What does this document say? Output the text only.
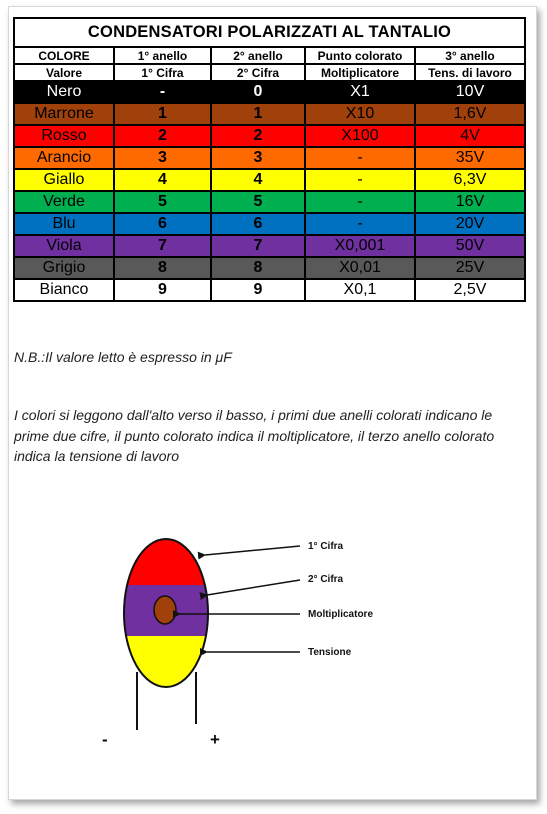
CONDENSATORI POLARIZZATI AL TANTALIO				
COLORE	1° anello	2° anello	Punto colorato	3° anello
Valore	1° Cifra	2° Cifra	Moltiplicatore	Tens. di lavoro
Nero	-	0	X1	10V
Marrone	1	1	X10	1,6V
Rosso	2	2	X100	4V
Arancio	3	3	-	35V
Giallo	4	4	-	6,3V
Verde	5	5	-	16V
Blu	6	6	-	20V
Viola	7	7	X0,001	50V
Grigio	8	8	X0,01	25V
Bianco	9	9	X0,1	2,5V
N.B.:Il valore letto è espresso in μF
I colori si leggono dall'alto verso il basso, i primi due anelli colorati indicano le prime due cifre, il punto colorato indica il moltiplicatore, il terzo anello colorato indica la tensione di lavoro
1° Cifra
2° Cifra
Moltiplicatore
Tensione
-	+
